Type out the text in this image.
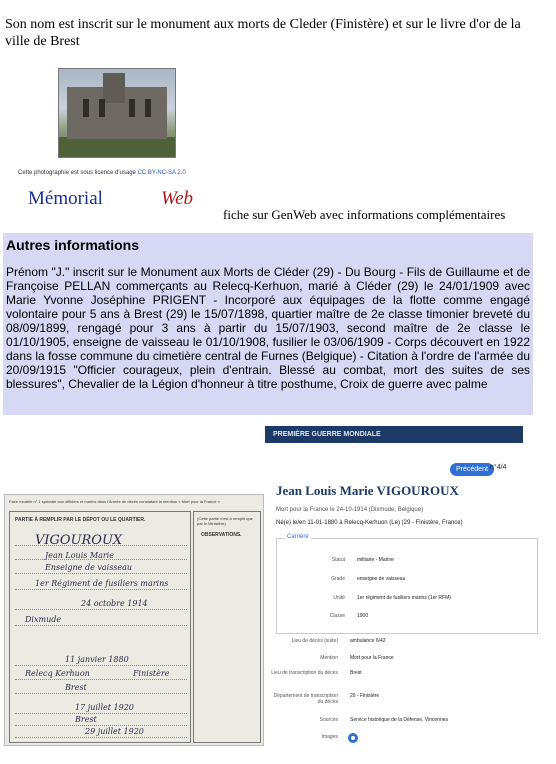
Son nom est inscrit sur le monument aux morts de Cleder (Finistère) et sur le livre d'or de la ville de Brest
Cette photographie est sous licence d'usage CC BY-NC-SA 2.0
Mémorial	Web
fiche sur GenWeb avec informations complémentaires
Autres informations
Prénom "J." inscrit sur le Monument aux Morts de Cléder (29) - Du Bourg - Fils de Guillaume et de Françoise PELLAN commerçants au Relecq-Kerhuon, marié à Cléder (29) le 24/01/1909 avec Marie Yvonne Joséphine PRIGENT - Incorporé aux équipages de la flotte comme engagé volontaire pour 5 ans à Brest (29) le 15/07/1898, quartier maître de 2e classe timonier breveté du 08/09/1899, rengagé pour 3 ans à partir du 15/07/1903, second maître de 2e classe le 01/10/1905, enseigne de vaisseau le 01/10/1908, fusilier le 03/06/1909 - Corps découvert en 1922 dans la fosse commune du cimetière central de Furnes (Belgique) - Citation à l'ordre de l'armée du 20/09/1915 "Officier courageux, plein d'entrain. Blessé au combat, mort des suites de ses blessures", Chevalier de la Légion d'honneur à titre posthume, Croix de guerre avec palme
PREMIÈRE GUERRE MONDIALE
Faire modèle n° 1 spéciale aux officiers et marins dans l'Armée de décès constatant la mention « Mort pour la France »
PARTIE À REMPLIR PAR LE DÉPOT OU LE QUARTIER.	(Cette partie n'est à remplir que par le Ministère)
OBSERVATIONS.
VIGOUROUX
Jean Louis Marie
Enseigne de vaisseau
1er Régiment de fusiliers marins
24 octobre 1914
Dixmude
11 janvier 1880
Relecq Kerhuon	Finistère
Brest
17 juillet 1920
Brest
29 juillet 1920
Précédent n°4/4
Jean Louis Marie VIGOUROUX
Mort pour la France le 24-10-1914 (Dixmude, Belgique)
Né(e) le/en 11-01-1880 à Relecq-Kerhuon (Le) (29 - Finistère, France)
Carrière
Statut militaire - Marine
Grade enseigne de vaisseau
Unité 1er régiment de fusiliers marins (1er RFM)
Classe 1900
Lieu de décès (suite) ambulance 6/42
Mention Mort pour la France
Lieu de transcription du décès Brest
Département de transcription du décès
29 - Finistère
Sources Service historique de la Défense, Vincennes
Images
